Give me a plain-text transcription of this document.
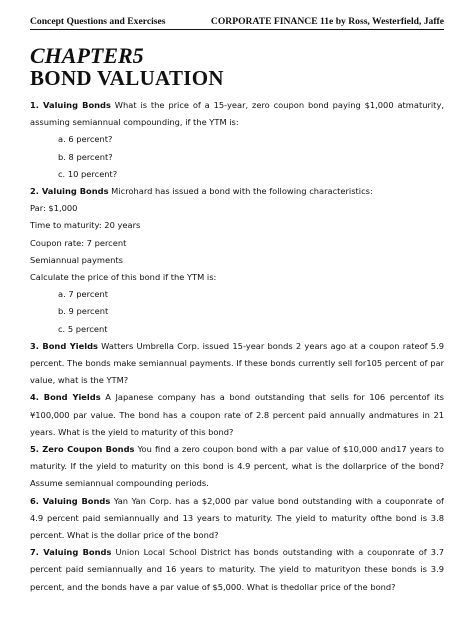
Concept Questions and Exercises	CORPORATE FINANCE 11e by Ross, Westerfield, Jaffe
CHAPTER5
BOND VALUATION

1. Valuing Bonds What is the price of a 15-year, zero coupon bond paying $1,000 atmaturity, assuming semiannual compounding, if the YTM is:

a. 6 percent?

b. 8 percent?

c. 10 percent?

2. Valuing Bonds Microhard has issued a bond with the following characteristics:

Par: $1,000

Time to maturity: 20 years

Coupon rate: 7 percent

Semiannual payments

Calculate the price of this bond if the YTM is:

a. 7 percent

b. 9 percent

c. 5 percent

3. Bond Yields Watters Umbrella Corp. issued 15-year bonds 2 years ago at a coupon rateof 5.9 percent. The bonds make semiannual payments. If these bonds currently sell for105 percent of par value, what is the YTM?

4. Bond Yields A Japanese company has a bond outstanding that sells for 106 percentof its ¥100,000 par value. The bond has a coupon rate of 2.8 percent paid annually andmatures in 21 years. What is the yield to maturity of this bond?

5. Zero Coupon Bonds You find a zero coupon bond with a par value of $10,000 and17 years to maturity. If the yield to maturity on this bond is 4.9 percent, what is the dollarprice of the bond?Assume semiannual compounding periods.

6. Valuing Bonds Yan Yan Corp. has a $2,000 par value bond outstanding with a couponrate of 4.9 percent paid semiannually and 13 years to maturity. The yield to maturity ofthe bond is 3.8 percent. What is the dollar price of the bond?

7. Valuing Bonds Union Local School District has bonds outstanding with a couponrate of 3.7 percent paid semiannually and 16 years to maturity. The yield to maturityon these bonds is 3.9 percent, and the bonds have a par value of $5,000. What is thedollar price of the bond?
